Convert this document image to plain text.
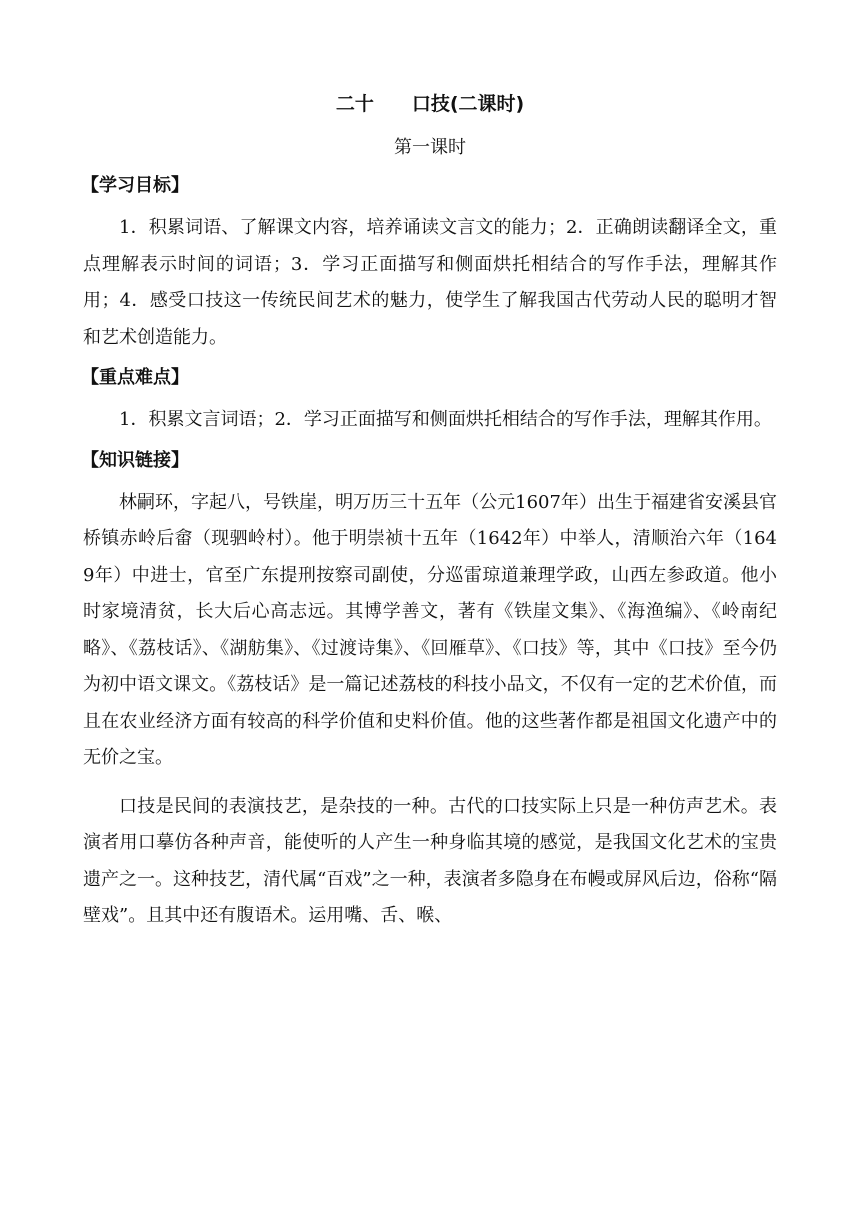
二十　　口技(二课时)
第一课时
【学习目标】

1．积累词语、了解课文内容，培养诵读文言文的能力；2．正确朗读翻译全文，重点理解表示时间的词语；3．学习正面描写和侧面烘托相结合的写作手法，理解其作用；4．感受口技这一传统民间艺术的魅力，使学生了解我国古代劳动人民的聪明才智和艺术创造能力。

【重点难点】

1．积累文言词语；2．学习正面描写和侧面烘托相结合的写作手法，理解其作用。

【知识链接】

林嗣环，字起八，号铁崖，明万历三十五年（公元1607年）出生于福建省安溪县官桥镇赤岭后畲（现驷岭村）。他于明崇祯十五年（1642年）中举人，清顺治六年（1649年）中进士，官至广东提刑按察司副使，分巡雷琼道兼理学政，山西左参政道。他小时家境清贫，长大后心高志远。其博学善文，著有《铁崖文集》、《海渔编》、《岭南纪略》、《荔枝话》、《湖舫集》、《过渡诗集》、《回雁草》、《口技》等，其中《口技》至今仍为初中语文课文。《荔枝话》是一篇记述荔枝的科技小品文，不仅有一定的艺术价值，而且在农业经济方面有较高的科学价值和史料价值。他的这些著作都是祖国文化遗产中的无价之宝。

口技是民间的表演技艺，是杂技的一种。古代的口技实际上只是一种仿声艺术。表演者用口摹仿各种声音，能使听的人产生一种身临其境的感觉，是我国文化艺术的宝贵遗产之一。这种技艺，清代属“百戏”之一种，表演者多隐身在布幔或屏风后边，俗称“隔壁戏”。且其中还有腹语术。运用嘴、舌、喉、
